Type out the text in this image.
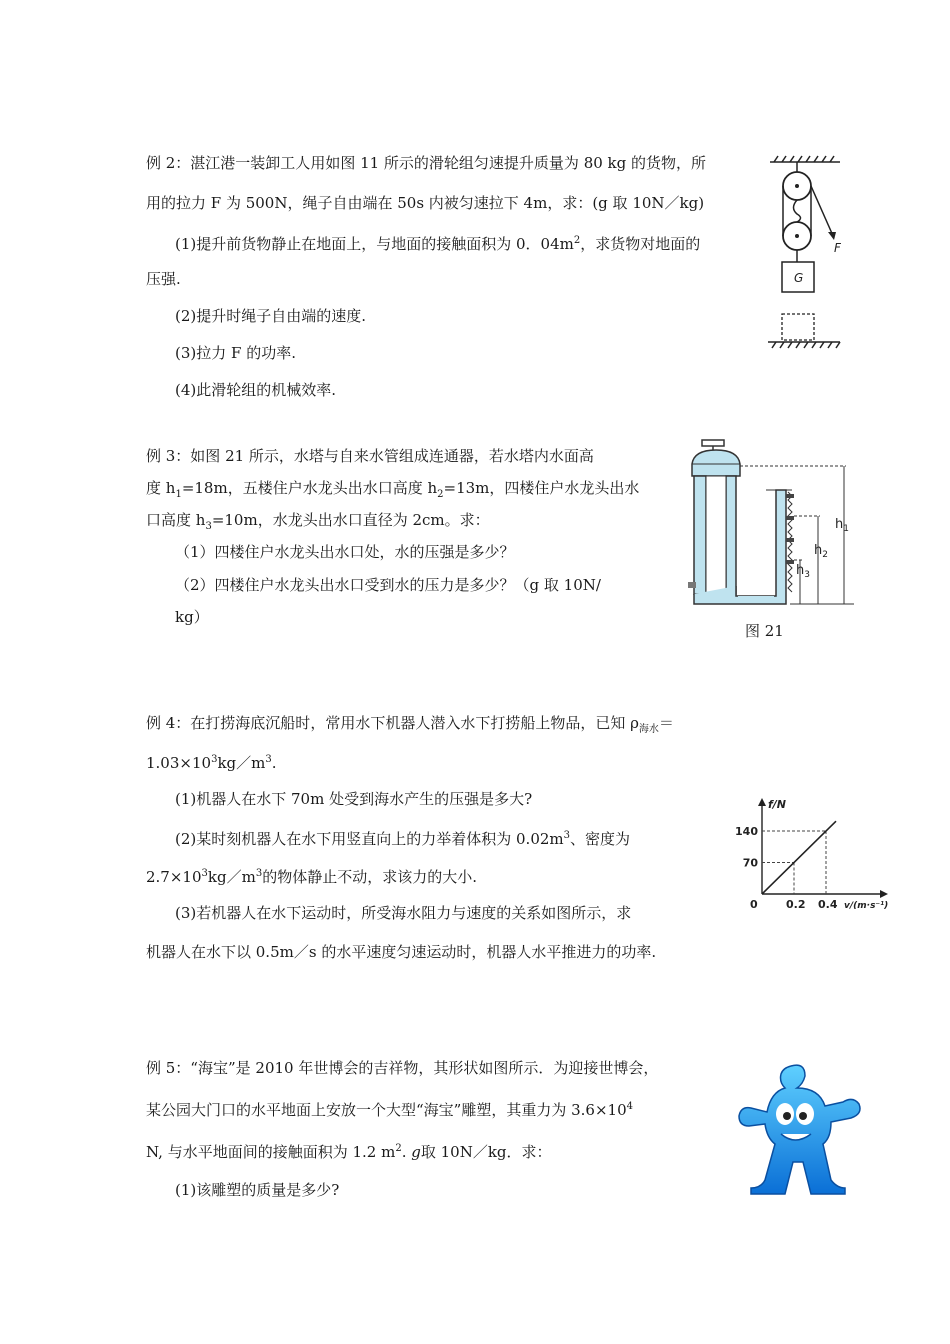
例 2：湛江港一装卸工人用如图 11 所示的滑轮组匀速提升质量为 80 kg 的货物，所
用的拉力 F 为 500N，绳子自由端在 50s 内被匀速拉下 4m，求：(g 取 10N／kg)
(1)提升前货物静止在地面上，与地面的接触面积为 0．$04m^2$，求货物对地面的
压强.
(2)提升时绳子自由端的速度.
(3)拉力 F 的功率.
(4)此滑轮组的机械效率.
F
G
例 3：如图 21 所示，水塔与自来水管组成连通器，若水塔内水面高
度 $h_1=18m$，五楼住户水龙头出水口高度 $h_2=13m$，四楼住户水龙头出水
口高度 $h_3=10m$，水龙头出水口直径为 2cm。求：
（1）四楼住户水龙头出水口处，水的压强是多少？
（2）四楼住户水龙头出水口受到水的压力是多少？（g 取 10N/
kg）
$h_1$
$h_2$
$h_3$
图 21
例 4：在打捞海底沉船时，常用水下机器人潜入水下打捞船上物品，已知 $\rho_{海水}=$
$1.03\times 10^3kg/m^3$.
(1)机器人在水下 70m 处受到海水产生的压强是多大?
(2)某时刻机器人在水下用竖直向上的力举着体积为 $0.02m^3$、密度为
$2.7\times 10^3kg/m^3$的物体静止不动，求该力的大小.
(3)若机器人在水下运动时，所受海水阻力与速度的关系如图所示，求
机器人在水下以 0.5m／s 的水平速度匀速运动时，机器人水平推进力的功率.
f/N
v/(m·s⁻¹)
0	0.2 0.4
70
140
例 5：“海宝”是 2010 年世博会的吉祥物，其形状如图所示．为迎接世博会，
某公园大门口的水平地面上安放一个大型“海宝”雕塑，其重力为 $3.6\times 10^4$
N, 与水平地面间的接触面积为 1.2 $m^2$. g取 10N／kg．求：
(1)该雕塑的质量是多少?
